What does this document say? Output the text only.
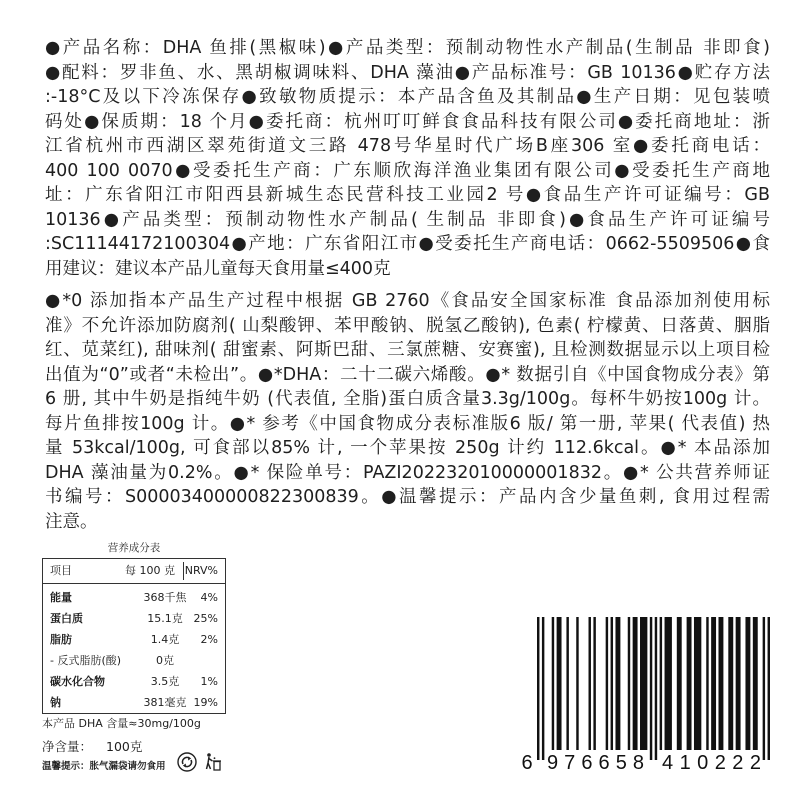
●产品名称：DHA 鱼排(黑椒味)●产品类型：预制动物性水产制品(生制品 非即食)
●配料：罗非鱼、水、黑胡椒调味料、DHA 藻油●产品标准号：GB 10136●贮存方法
:-18°C及以下冷冻保存●致敏物质提示：本产品含鱼及其制品●生产日期：见包装喷
码处●保质期：18 个月●委托商：杭州叮叮鲜食食品科技有限公司●委托商地址：浙
江省杭州市西湖区翠苑街道文三路 478号华星时代广场B座306 室●委托商电话：
400 100 0070●受委托生产商：广东顺欣海洋渔业集团有限公司●受委托生产商地
址：广东省阳江市阳西县新城生态民营科技工业园2 号●食品生产许可证编号：GB
10136●产品类型：预制动物性水产制品( 生制品 非即食)●食品生产许可证编号
:SC11144172100304●产地：广东省阳江市●受委托生产商电话：0662-5509506●食
用建议：建议本产品儿童每天食用量≤400克
●*0 添加指本产品生产过程中根据 GB 2760《食品安全国家标准 食品添加剂使用标
准》不允许添加防腐剂( 山梨酸钾、苯甲酸钠、脱氢乙酸钠), 色素( 柠檬黄、日落黄、胭脂
红、苋菜红), 甜味剂( 甜蜜素、阿斯巴甜、三氯蔗糖、安赛蜜), 且检测数据显示以上项目检
出值为“0”或者“未检出”。●*DHA：二十二碳六烯酸。●* 数据引自《中国食物成分表》第
6 册, 其中牛奶是指纯牛奶 (代表值, 全脂)蛋白质含量3.3g/100g。每杯牛奶按100g 计。
每片鱼排按100g 计。●* 参考《中国食物成分表标准版6 版/ 第一册, 苹果( 代表值) 热
量 53kcal/100g, 可食部以85% 计, 一个苹果按 250g 计约 112.6kcal。●* 本品添加
DHA 藻油量为0.2%。●* 保险单号：PAZI202232010000001832。●* 公共营养师证
书编号：S00003400000822300839。●温馨提示：产品内含少量鱼刺, 食用过程需
注意。
营养成分表
项目	每 100 克 NRV%
能量	368千焦	4%
蛋白质	15.1克 25%
脂肪	1.4克	2%
- 反式脂肪(酸)	0克
碳水化合物	3.5克	1%
钠	381毫克 19%
本产品 DHA 含量≈30mg/100g
净含量： 100克
温馨提示：胀气漏袋请勿食用	6 976658 410222
